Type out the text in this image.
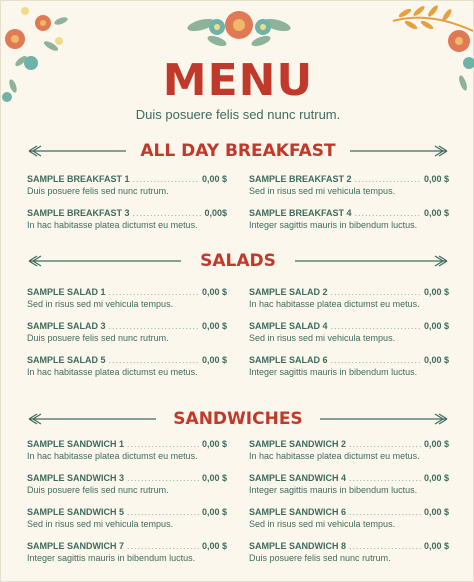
MENU
Duis posuere felis sed nunc rutrum.
ALL DAY BREAKFAST
SAMPLE BREAKFAST 1 .....	0,00 $
Duis posuere felis sed nunc rutrum.
SAMPLE BREAKFAST 2 .....	0,00 $
Sed in risus sed mi vehicula tempus.
SAMPLE BREAKFAST 3 .....	0,00$
In hac habitasse platea dictumst eu metus.
SAMPLE BREAKFAST 4 .....	0,00 $
Integer sagittis mauris in bibendum luctus.
SALADS
SAMPLE SALAD 1 .....	0,00 $
Sed in risus sed mi vehicula tempus.
SAMPLE SALAD 2 .....	0,00 $
In hac habitasse platea dictumst eu metus.
SAMPLE SALAD 3 .....	0,00 $
Duis posuere felis sed nunc rutrum.
SAMPLE SALAD 4 .....	0,00 $
Sed in risus sed mi vehicula tempus.
SAMPLE SALAD 5 .....	0,00 $
In hac habitasse platea dictumst eu metus.
SAMPLE SALAD 6 .....	0,00 $
Integer sagittis mauris in bibendum luctus.
SANDWICHES
SAMPLE SANDWICH 1 .....	0,00 $
In hac habitasse platea dictumst eu metus.
SAMPLE SANDWICH 2 .....	0,00 $
In hac habitasse platea dictumst eu metus.
SAMPLE SANDWICH 3 .....	0,00 $
Duis posuere felis sed nunc rutrum.
SAMPLE SANDWICH 4 .....	0,00 $
Integer sagittis mauris in bibendum luctus.
SAMPLE SANDWICH 5 .....	0,00 $
Sed in risus sed mi vehicula tempus.
SAMPLE SANDWICH 6 .....	0,00 $
Sed in risus sed mi vehicula tempus.
SAMPLE SANDWICH 7 .....	0,00 $
Integer sagittis mauris in bibendum luctus.
SAMPLE SANDWICH 8 .....	0,00 $
Duis posuere felis sed nunc rutrum.
